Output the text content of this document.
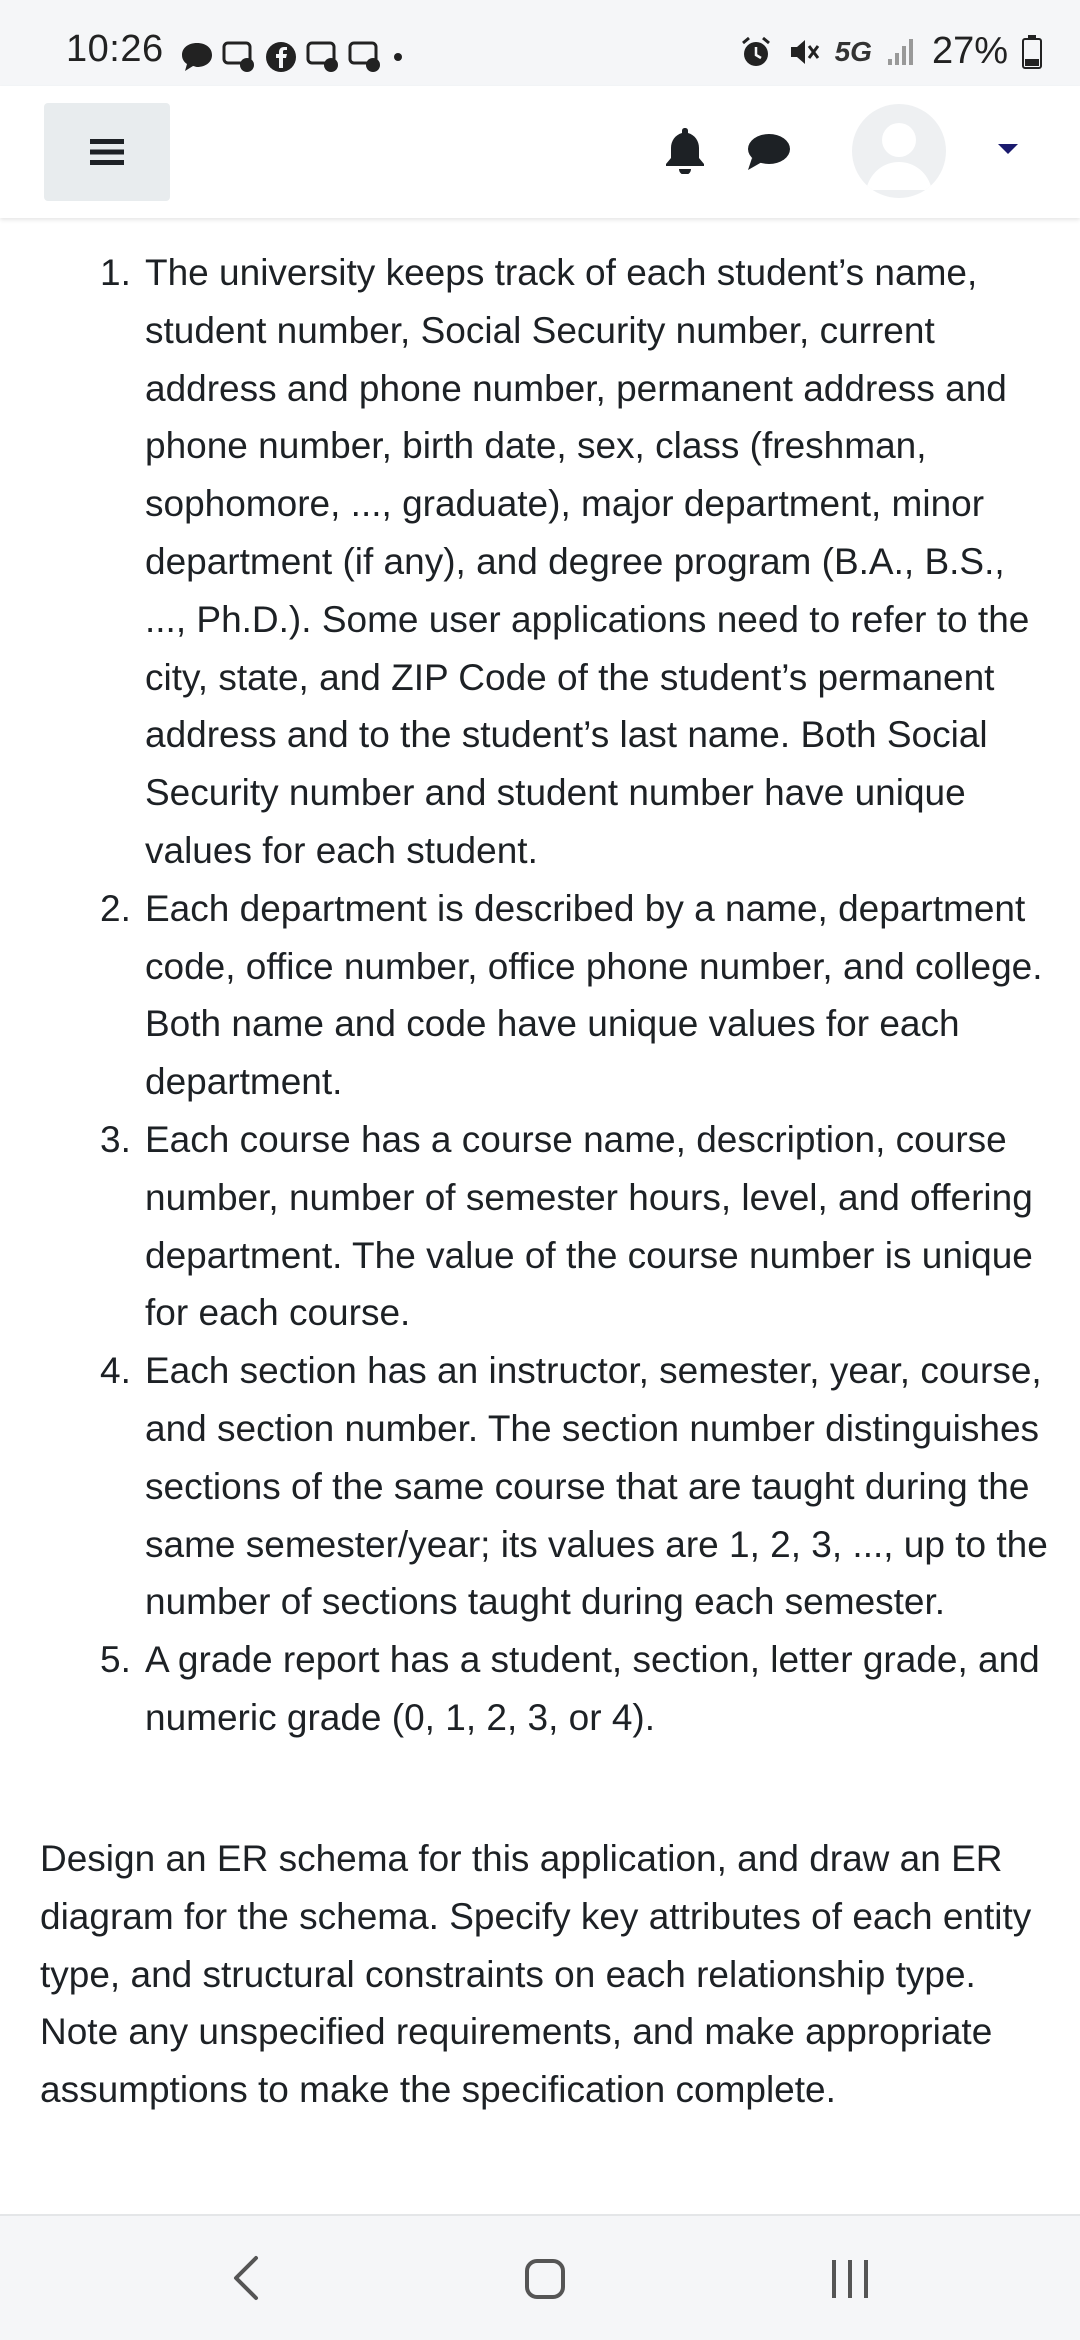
10:26	5G 27%
1. The university keeps track of each student’s name, student number, Social Security number, current address and phone number, permanent address and phone number, birth date, sex, class (freshman, sophomore, ..., graduate), major department, minor department (if any), and degree program (B.A., B.S., ..., Ph.D.). Some user applications need to refer to the city, state, and ZIP Code of the student’s permanent address and to the student’s last name. Both Social Security number and student number have unique values for each student.
2. Each department is described by a name, department code, office number, office phone number, and college. Both name and code have unique values for each department.
3. Each course has a course name, description, course number, number of semester hours, level, and offering department. The value of the course number is unique for each course.
4. Each section has an instructor, semester, year, course, and section number. The section number distinguishes sections of the same course that are taught during the same semester/year; its values are 1, 2, 3, ..., up to the number of sections taught during each semester.
5. A grade report has a student, section, letter grade, and numeric grade (0, 1, 2, 3, or 4).

Design an ER schema for this application, and draw an ER diagram for the schema. Specify key attributes of each entity type, and structural constraints on each relationship type. Note any unspecified requirements, and make appropriate assumptions to make the specification complete.
